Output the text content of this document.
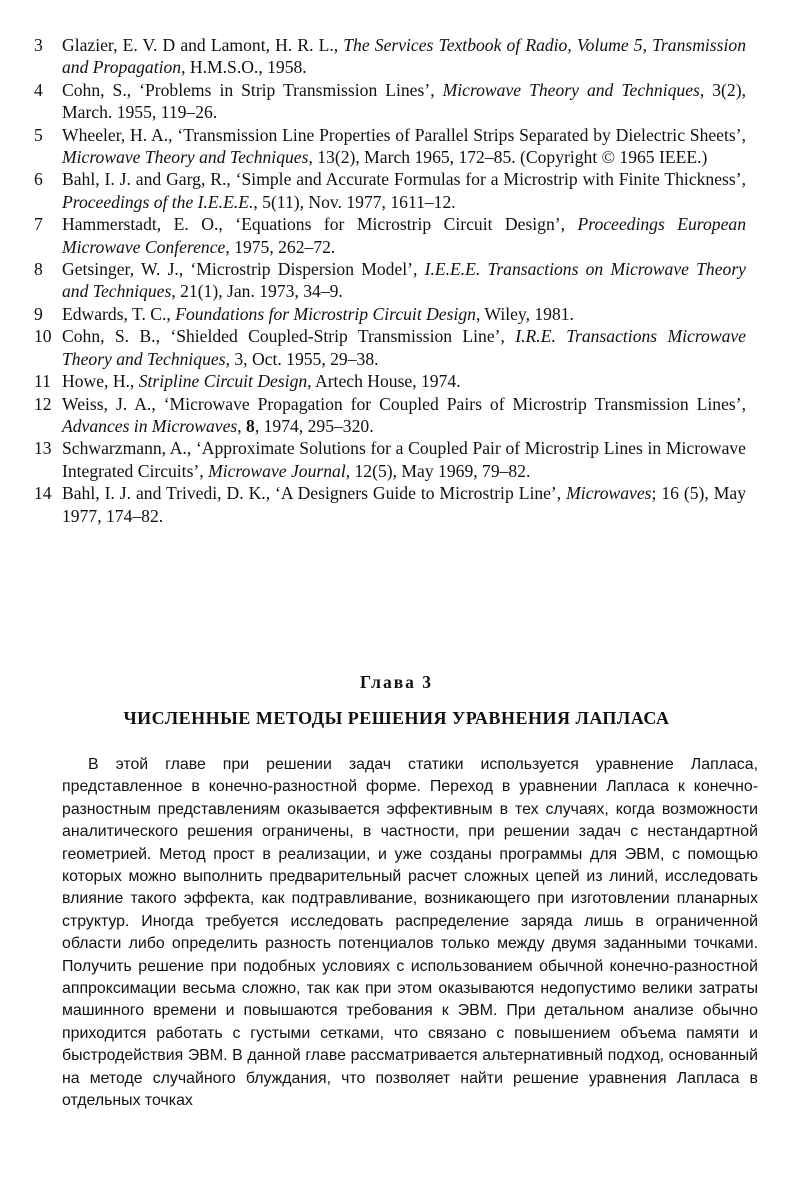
3 Glazier, E. V. D and Lamont, H. R. L., The Services Textbook of Radio, Volume 5, Transmission and Propagation, H.M.S.O., 1958.
4 Cohn, S., ‘Problems in Strip Transmission Lines’, Microwave Theory and Techniques, 3(2), March. 1955, 119–26.
5 Wheeler, H. A., ‘Transmission Line Properties of Parallel Strips Separated by Dielectric Sheets’, Microwave Theory and Techniques, 13(2), March 1965, 172–85. (Copyright © 1965 IEEE.)
6 Bahl, I. J. and Garg, R., ‘Simple and Accurate Formulas for a Microstrip with Finite Thickness’, Proceedings of the I.E.E.E., 5(11), Nov. 1977, 1611–12.
7 Hammerstadt, E. O., ‘Equations for Microstrip Circuit Design’, Proceedings European Microwave Conference, 1975, 262–72.
8 Getsinger, W. J., ‘Microstrip Dispersion Model’, I.E.E.E. Transactions on Microwave Theory and Techniques, 21(1), Jan. 1973, 34–9.
9 Edwards, T. C., Foundations for Microstrip Circuit Design, Wiley, 1981.
10 Cohn, S. B., ‘Shielded Coupled-Strip Transmission Line’, I.R.E. Transactions Microwave Theory and Techniques, 3, Oct. 1955, 29–38.
11 Howe, H., Stripline Circuit Design, Artech House, 1974.
12 Weiss, J. A., ‘Microwave Propagation for Coupled Pairs of Microstrip Transmission Lines’, Advances in Microwaves, 8, 1974, 295–320.
13 Schwarzmann, A., ‘Approximate Solutions for a Coupled Pair of Microstrip Lines in Microwave Integrated Circuits’, Microwave Journal, 12(5), May 1969, 79–82.
14 Bahl, I. J. and Trivedi, D. K., ‘A Designers Guide to Microstrip Line’, Microwaves; 16 (5), May 1977, 174–82.
Глава 3
ЧИСЛЕННЫЕ МЕТОДЫ РЕШЕНИЯ УРАВНЕНИЯ ЛАПЛАСА

В этой главе при решении задач статики используется уравнение Лапласа, представленное в конечно-разностной форме. Переход в уравнении Лапласа к конечно-разностным представлениям оказывается эффективным в тех случаях, когда возможности аналитического решения ограничены, в частности, при решении задач с нестандартной геометрией. Метод прост в реализации, и уже созданы программы для ЭВМ, с помощью которых можно выполнить предварительный расчет сложных цепей из линий, исследовать влияние такого эффекта, как подтравливание, возникающего при изготовлении планарных структур. Иногда требуется исследовать распределение заряда лишь в ограниченной области либо определить разность потенциалов только между двумя заданными точками. Получить решение при подобных условиях с использованием обычной конечно-разностной аппроксимации весьма сложно, так как при этом оказываются недопустимо велики затраты машинного времени и повышаются требования к ЭВМ. При детальном анализе обычно приходится работать с густыми сетками, что связано с повышением объема памяти и быстродействия ЭВМ. В данной главе рассматривается альтернативный подход, основанный на методе случайного блуждания, что позволяет найти решение уравнения Лапласа в отдельных точках
